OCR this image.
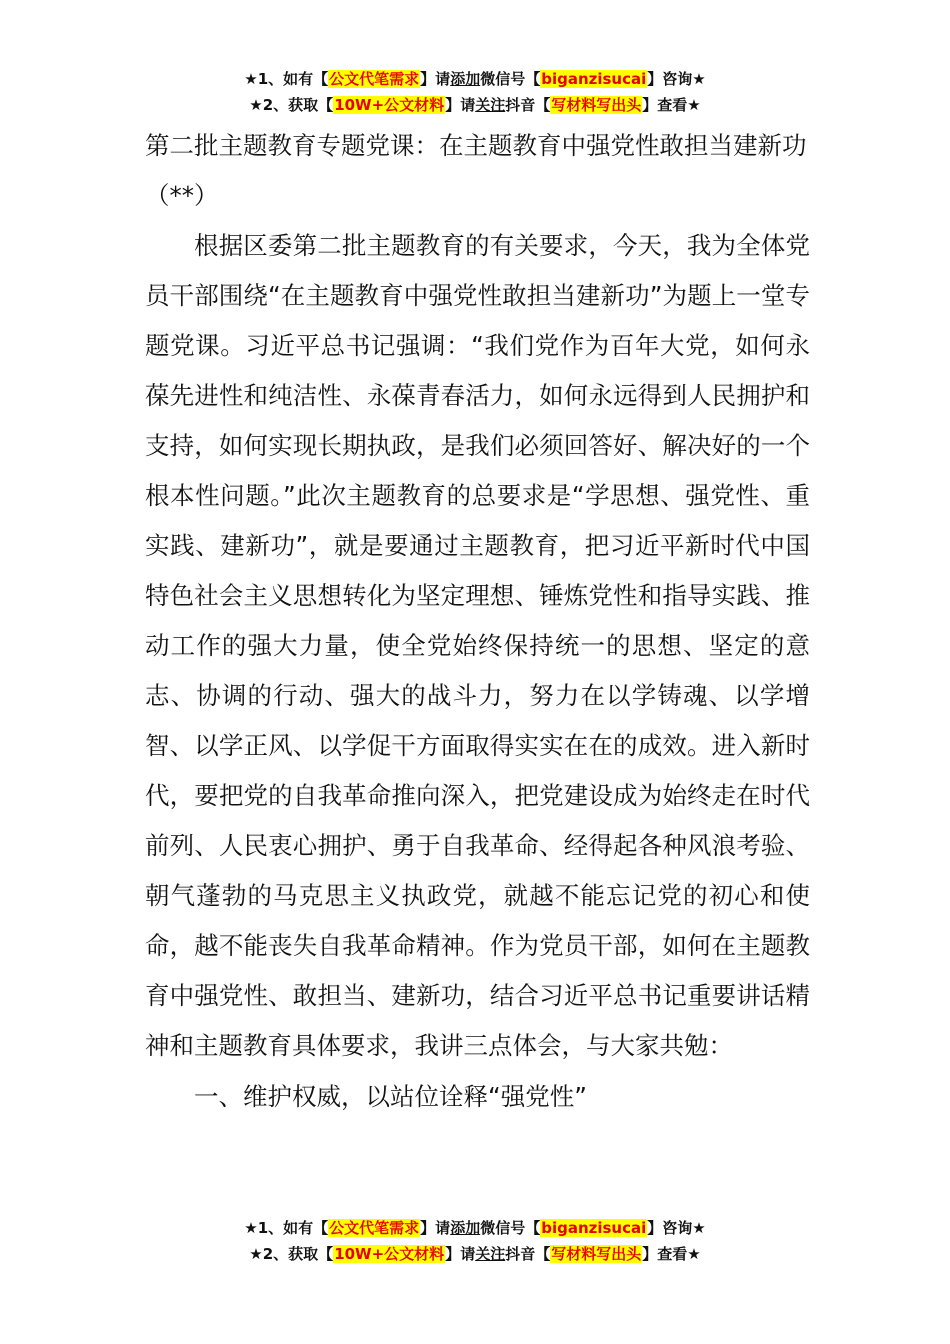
★1、如有【公文代笔需求】请添加微信号【biganzisucai】咨询★
★2、获取【10W+公文材料】请关注抖音【写材料写出头】查看★

第二批主题教育专题党课：在主题教育中强党性敢担当建新功（**）

根据区委第二批主题教育的有关要求，今天，我为全体党员干部围绕“在主题教育中强党性敢担当建新功”为题上一堂专题党课。习近平总书记强调：“我们党作为百年大党，如何永葆先进性和纯洁性、永葆青春活力，如何永远得到人民拥护和支持，如何实现长期执政，是我们必须回答好、解决好的一个根本性问题。”此次主题教育的总要求是“学思想、强党性、重实践、建新功”，就是要通过主题教育，把习近平新时代中国特色社会主义思想转化为坚定理想、锤炼党性和指导实践、推动工作的强大力量，使全党始终保持统一的思想、坚定的意志、协调的行动、强大的战斗力，努力在以学铸魂、以学增智、以学正风、以学促干方面取得实实在在的成效。进入新时代，要把党的自我革命推向深入，把党建设成为始终走在时代前列、人民衷心拥护、勇于自我革命、经得起各种风浪考验、朝气蓬勃的马克思主义执政党，就越不能忘记党的初心和使命，越不能丧失自我革命精神。作为党员干部，如何在主题教育中强党性、敢担当、建新功，结合习近平总书记重要讲话精神和主题教育具体要求，我讲三点体会，与大家共勉：

一、维护权威，以站位诠释“强党性”

★1、如有【公文代笔需求】请添加微信号【biganzisucai】咨询★
★2、获取【10W+公文材料】请关注抖音【写材料写出头】查看★
